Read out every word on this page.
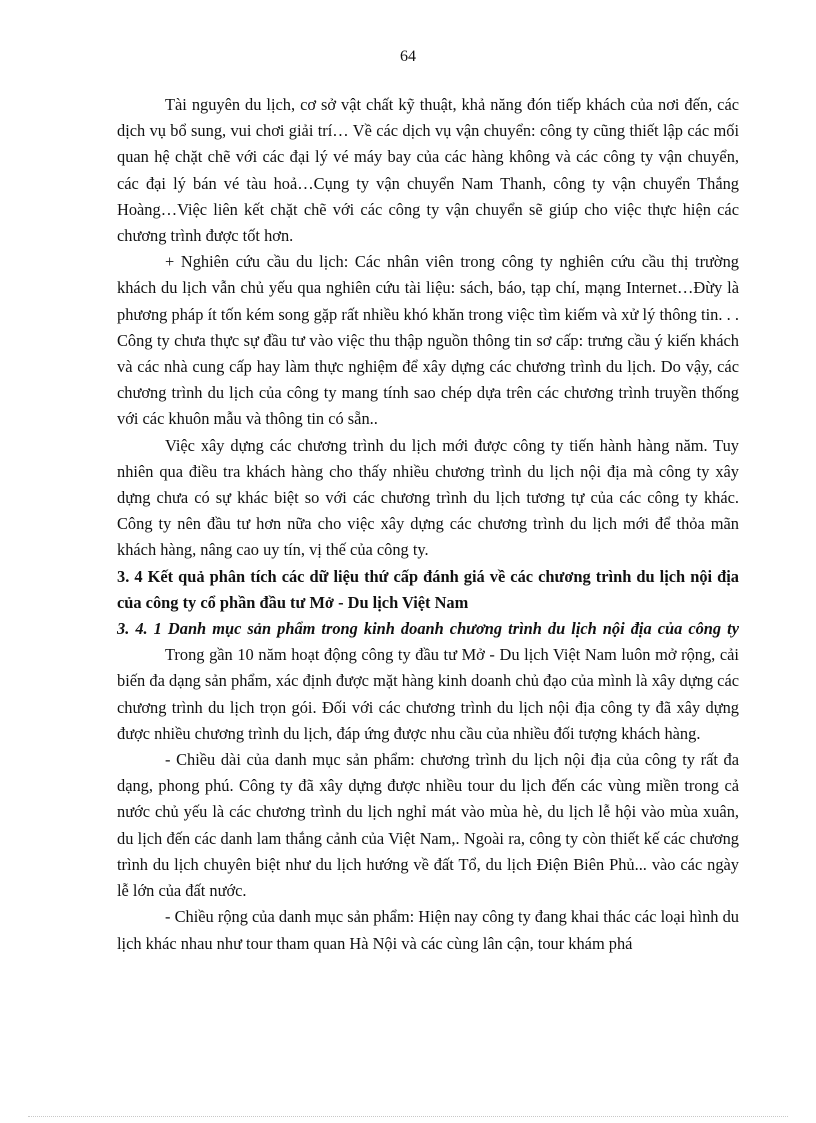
64

Tài nguyên du lịch, cơ sở vật chất kỹ thuật, khả năng đón tiếp khách của nơi đến, các dịch vụ bổ sung, vui chơi giải trí… Về các dịch vụ vận chuyển: công ty cũng thiết lập các mối quan hệ chặt chẽ với các đại lý vé máy bay của các hàng không và các công ty vận chuyển, các đại lý bán vé tàu hoả…Cụng ty vận chuyển Nam Thanh, công ty vận chuyển Thắng Hoàng…Việc liên kết chặt chẽ với các công ty vận chuyển sẽ giúp cho việc thực hiện các chương trình được tốt hơn.

+ Nghiên cứu cầu du lịch: Các nhân viên trong công ty nghiên cứu cầu thị trường khách du lịch vẫn chủ yếu qua nghiên cứu tài liệu: sách, báo, tạp chí, mạng Internet…Đừy là phương pháp ít tốn kém song gặp rất nhiều khó khăn trong việc tìm kiếm và xử lý thông tin. . . Công ty chưa thực sự đầu tư vào việc thu thập nguồn thông tin sơ cấp: trưng cầu ý kiến khách và các nhà cung cấp hay làm thực nghiệm để xây dựng các chương trình du lịch. Do vậy, các chương trình du lịch của công ty mang tính sao chép dựa trên các chương trình truyền thống với các khuôn mẫu và thông tin có sẵn..

Việc xây dựng các chương trình du lịch mới được công ty tiến hành hàng năm. Tuy nhiên qua điều tra khách hàng cho thấy nhiều chương trình du lịch nội địa mà công ty xây dựng chưa có sự khác biệt so với các chương trình du lịch tương tự của các công ty khác. Công ty nên đầu tư hơn nữa cho việc xây dựng các chương trình du lịch mới để thỏa mãn khách hàng, nâng cao uy tín, vị thế của công ty.

3. 4 Kết quả phân tích các dữ liệu thứ cấp đánh giá về các chương trình du lịch nội địa của công ty cổ phần đầu tư Mở - Du lịch Việt Nam

3. 4. 1 Danh mục sản phẩm trong kinh doanh chương trình du lịch nội địa của công ty

Trong gần 10 năm hoạt động công ty đầu tư Mở - Du lịch Việt Nam luôn mở rộng, cải biến đa dạng sản phẩm, xác định được mặt hàng kinh doanh chủ đạo của mình là xây dựng các chương trình du lịch trọn gói. Đối với các chương trình du lịch nội địa công ty đã xây dựng được nhiều chương trình du lịch, đáp ứng được nhu cầu của nhiều đối tượng khách hàng.

- Chiều dài của danh mục sản phẩm: chương trình du lịch nội địa của công ty rất đa dạng, phong phú. Công ty đã xây dựng được nhiều tour du lịch đến các vùng miền trong cả nước chủ yếu là các chương trình du lịch nghỉ mát vào mùa hè, du lịch lễ hội vào mùa xuân, du lịch đến các danh lam thắng cảnh của Việt Nam,. Ngoài ra, công ty còn thiết kế các chương trình du lịch chuyên biệt như du lịch hướng về đất Tổ, du lịch Điện Biên Phủ... vào các ngày lễ lớn của đất nước.

- Chiều rộng của danh mục sản phẩm: Hiện nay công ty đang khai thác các loại hình du lịch khác nhau như tour tham quan Hà Nội và các cùng lân cận, tour khám phá
